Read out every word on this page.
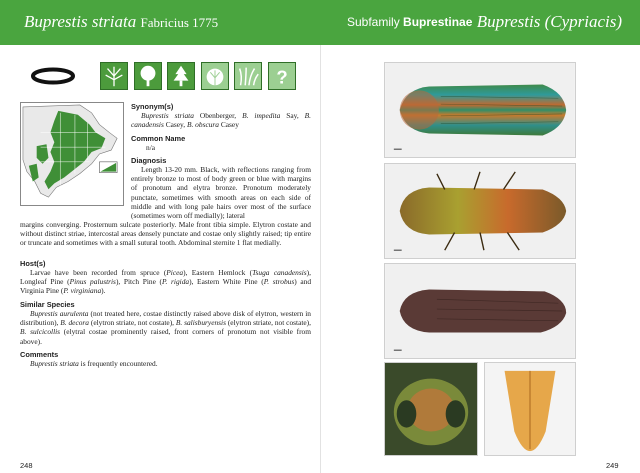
Buprestis striata Fabricius 1775	Subfamily Buprestinae Buprestis (Cypriacis)
?
Synonym(s)
Buprestis striata Obenberger, B. impedita Say, B. canadensis Casey, B. obscura Casey
Common Name
n/a
Diagnosis
Length 13-20 mm. Black, with reflections ranging from entirely bronze to most of body green or blue with margins of pronotum and elytra bronze. Pronotum moderately punctate, sometimes with smooth areas on each side of middle and with long pale hairs over most of the surface (sometimes worn off medially); lateral
margins converging. Prosternum sulcate posteriorly. Male front tibia simple. Elytron costate and without distinct striae, intercostal areas densely punctate and costae only slightly raised; tip entire or truncate and sometimes with a small sutural tooth. Abdominal sternite 1 flat medially.
Host(s)
Larvae have been recorded from spruce (Picea), Eastern Hemlock (Tsuga canadensis), Longleaf Pine (Pinus palustris), Pitch Pine (P. rigida), Eastern White Pine (P. strobus) and Virginia Pine (P. virginiana).
Similar Species
Buprestis aurulenta (not treated here, costae distinctly raised above disk of elytron, western in distribution), B. decora (elytron striate, not costate), B. salisburyensis (elytron striate, not costate), B. sulcicollis (elytral costae prominently raised, front corners of pronotum not visible from above).
Comments
Buprestis striata is frequently encountered.
248	249
